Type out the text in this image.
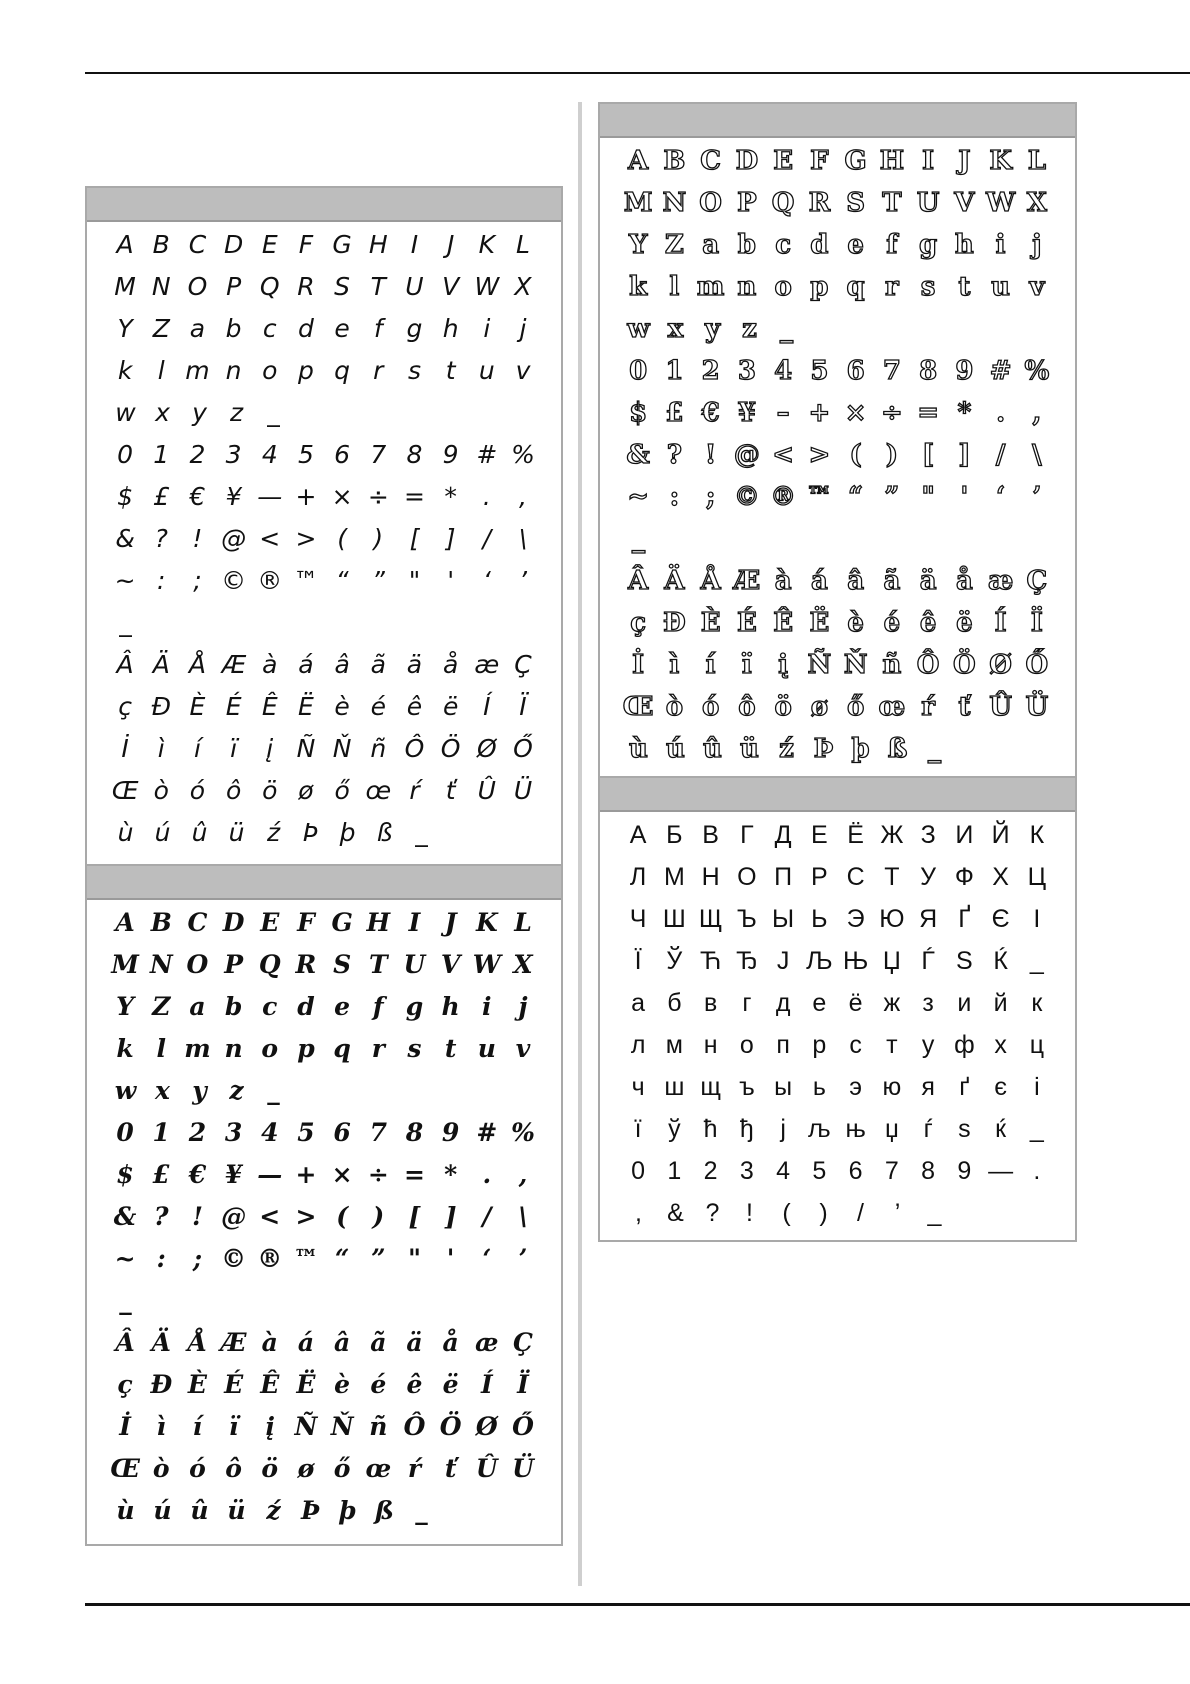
A B C D E F G H I	J K L
M N O P Q R S T U V W X
Y Z a b c d e f g h i	j
k	l m n o p q r s t u v
w x y z _
0 1 2 3 4 5 6 7 8 9 # %
$ £ € ¥ — + × ÷ = *	.	,
& ? ! @ < > (	)	[	]	/	\
~ :	; © ® ™ “ ” "	'	‘	’
_
Â Ä Å Æ à á â ã ä å æ Ç
ç Đ È É Ê Ë è é ê ë Í	Ï
İ	ì	í	ï	į Ñ Ň ñ Ô Ö Ø Ő
Œ ò ó ô ö ø ő œ ŕ	ť Û Ü
ù ú û ü ź Þ þ ß _
A B C D E F G H I J K L
M N O P Q R S T U V W X
Y Z a b c d e f g h i	j
k l m n o p q r s t u v
w x y z _
0 1 2 3 4 5 6 7 8 9 # %
$ £ € ¥ — + × ÷ = *	.	,
& ? ! @ < > ( ) [ ]	/	\
~ :	; © ® ™ “ ” "	'	‘	’
_
Â Ä Å Æ à á â ã ä å æ Ç
ç Đ È É Ê Ë è é ê ë Í Ï
İ	ì	í	ï	į Ñ Ň ñ Ô Ö Ø Ő
Œ ò ó ô ö ø ő œ ŕ ť Û Ü
ù ú û ü ź Þ þ ß _
A B C D E F G H I J K L
M N O P Q R S T U V W X
Y Z a b c d e f g h i	j
k l m n o p q r s t u v
w x y z _
0 1 2 3 4 5 6 7 8 9 # %
$ £ € ¥ – + × ÷ = * .	,
& ? ! @ < > ( ) [ ] /	\
~ :	; © ® ™ “ ” " '	‘	’
_
Â Ä Å Æ à á â ã ä å æ Ç
ç Đ È É Ê Ë è é ê ë Í Ï
İ ì	í	ï	į Ñ Ň ñ Ô Ö Ø Ő
Œ ò ó ô ö ø ő œ ŕ ť Û Ü
ù ú û ü ź Þ þ ß _
А Б В Г Д Е Ё Ж З И Й К
Л М Н О П Р С Т У Ф Х Ц
Ч Ш Щ Ъ Ы Ь Э Ю Я Ґ Є І
Ї Ў Ћ Ђ Ј Љ Њ Џ Ѓ Ѕ Ќ _
а б в	г д е ё ж з и й к
л м н о п р с т у ф х ц
ч ш щ ъ ы ь э ю я ґ є	і
ї	ў ћ ђ	ј љ њ џ ѓ	ѕ ќ _
0 1 2 3 4 5 6 7 8 9 — .
,	& ?	!	(	)	/	’	_
